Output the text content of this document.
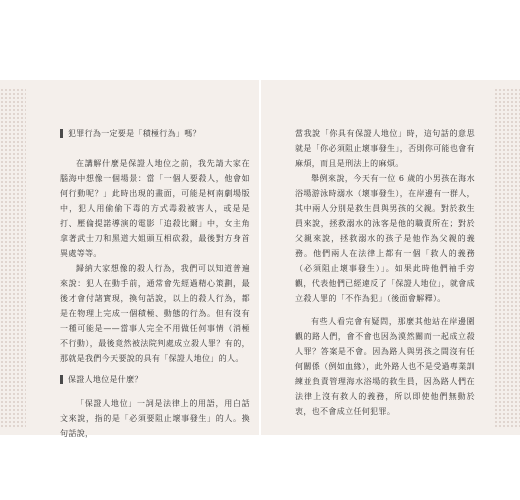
犯罪行為一定要是「積極行為」嗎？

在講解什麼是保證人地位之前，我先請大家在腦海中想像一個場景：當「一個人要殺人，他會如何行動呢？」此時出現的畫面，可能是柯南劇場版中，犯人用偷偷下毒的方式毒殺被害人，或是是打、壓倫提諾導演的電影「追殺比爾」中，女主角拿著武士刀和黑道大姐頭互相砍殺，最後對方身首異處等等。

歸納大家想像的殺人行為，我們可以知道普遍來說：犯人在動手前，通常會先經過精心策劃，最後才會付諸實現，換句話說，以上的殺人行為，都是在物理上完成一個積極、動態的行為。但有沒有一種可能是——當事人完全不用做任何事情（消極不行動），最後竟然被法院判處成立殺人罪？有的，那就是我們今天要說的具有「保證人地位」的人。

保證人地位是什麼？

「保證人地位」一詞是法律上的用語，用白話文來說，指的是「必須要阻止壞事發生」的人。換句話說，

當我說「你具有保證人地位」時，這句話的意思就是「你必須阻止壞事發生」，否則你可能也會有麻煩，而且是刑法上的麻煩。

舉例來說，今天有一位 6 歲的小男孩在海水浴場游泳時溺水（壞事發生），在岸邊有一群人，其中兩人分別是救生員與男孩的父親。對於救生員來說，拯救溺水的泳客是他的職責所在；對於父親來說，拯救溺水的孩子是他作為父親的義務。他們兩人在法律上都有一個「救人的義務（必須阻止壞事發生）」。如果此時他們袖手旁觀，代表他們已經違反了「保證人地位」，就會成立殺人罪的「不作為犯」（後面會解釋）。

有些人看完會有疑問，那麼其他站在岸邊圍觀的路人們，會不會也因為漠然關而一起成立殺人罪？答案是不會。因為路人與男孩之間沒有任何關係（例如血緣），此外路人也不是受過專業訓練並負責管理海水浴場的救生員，因為路人們在法律上沒有救人的義務，所以即使他們無動於衷，也不會成立任何犯罪。
